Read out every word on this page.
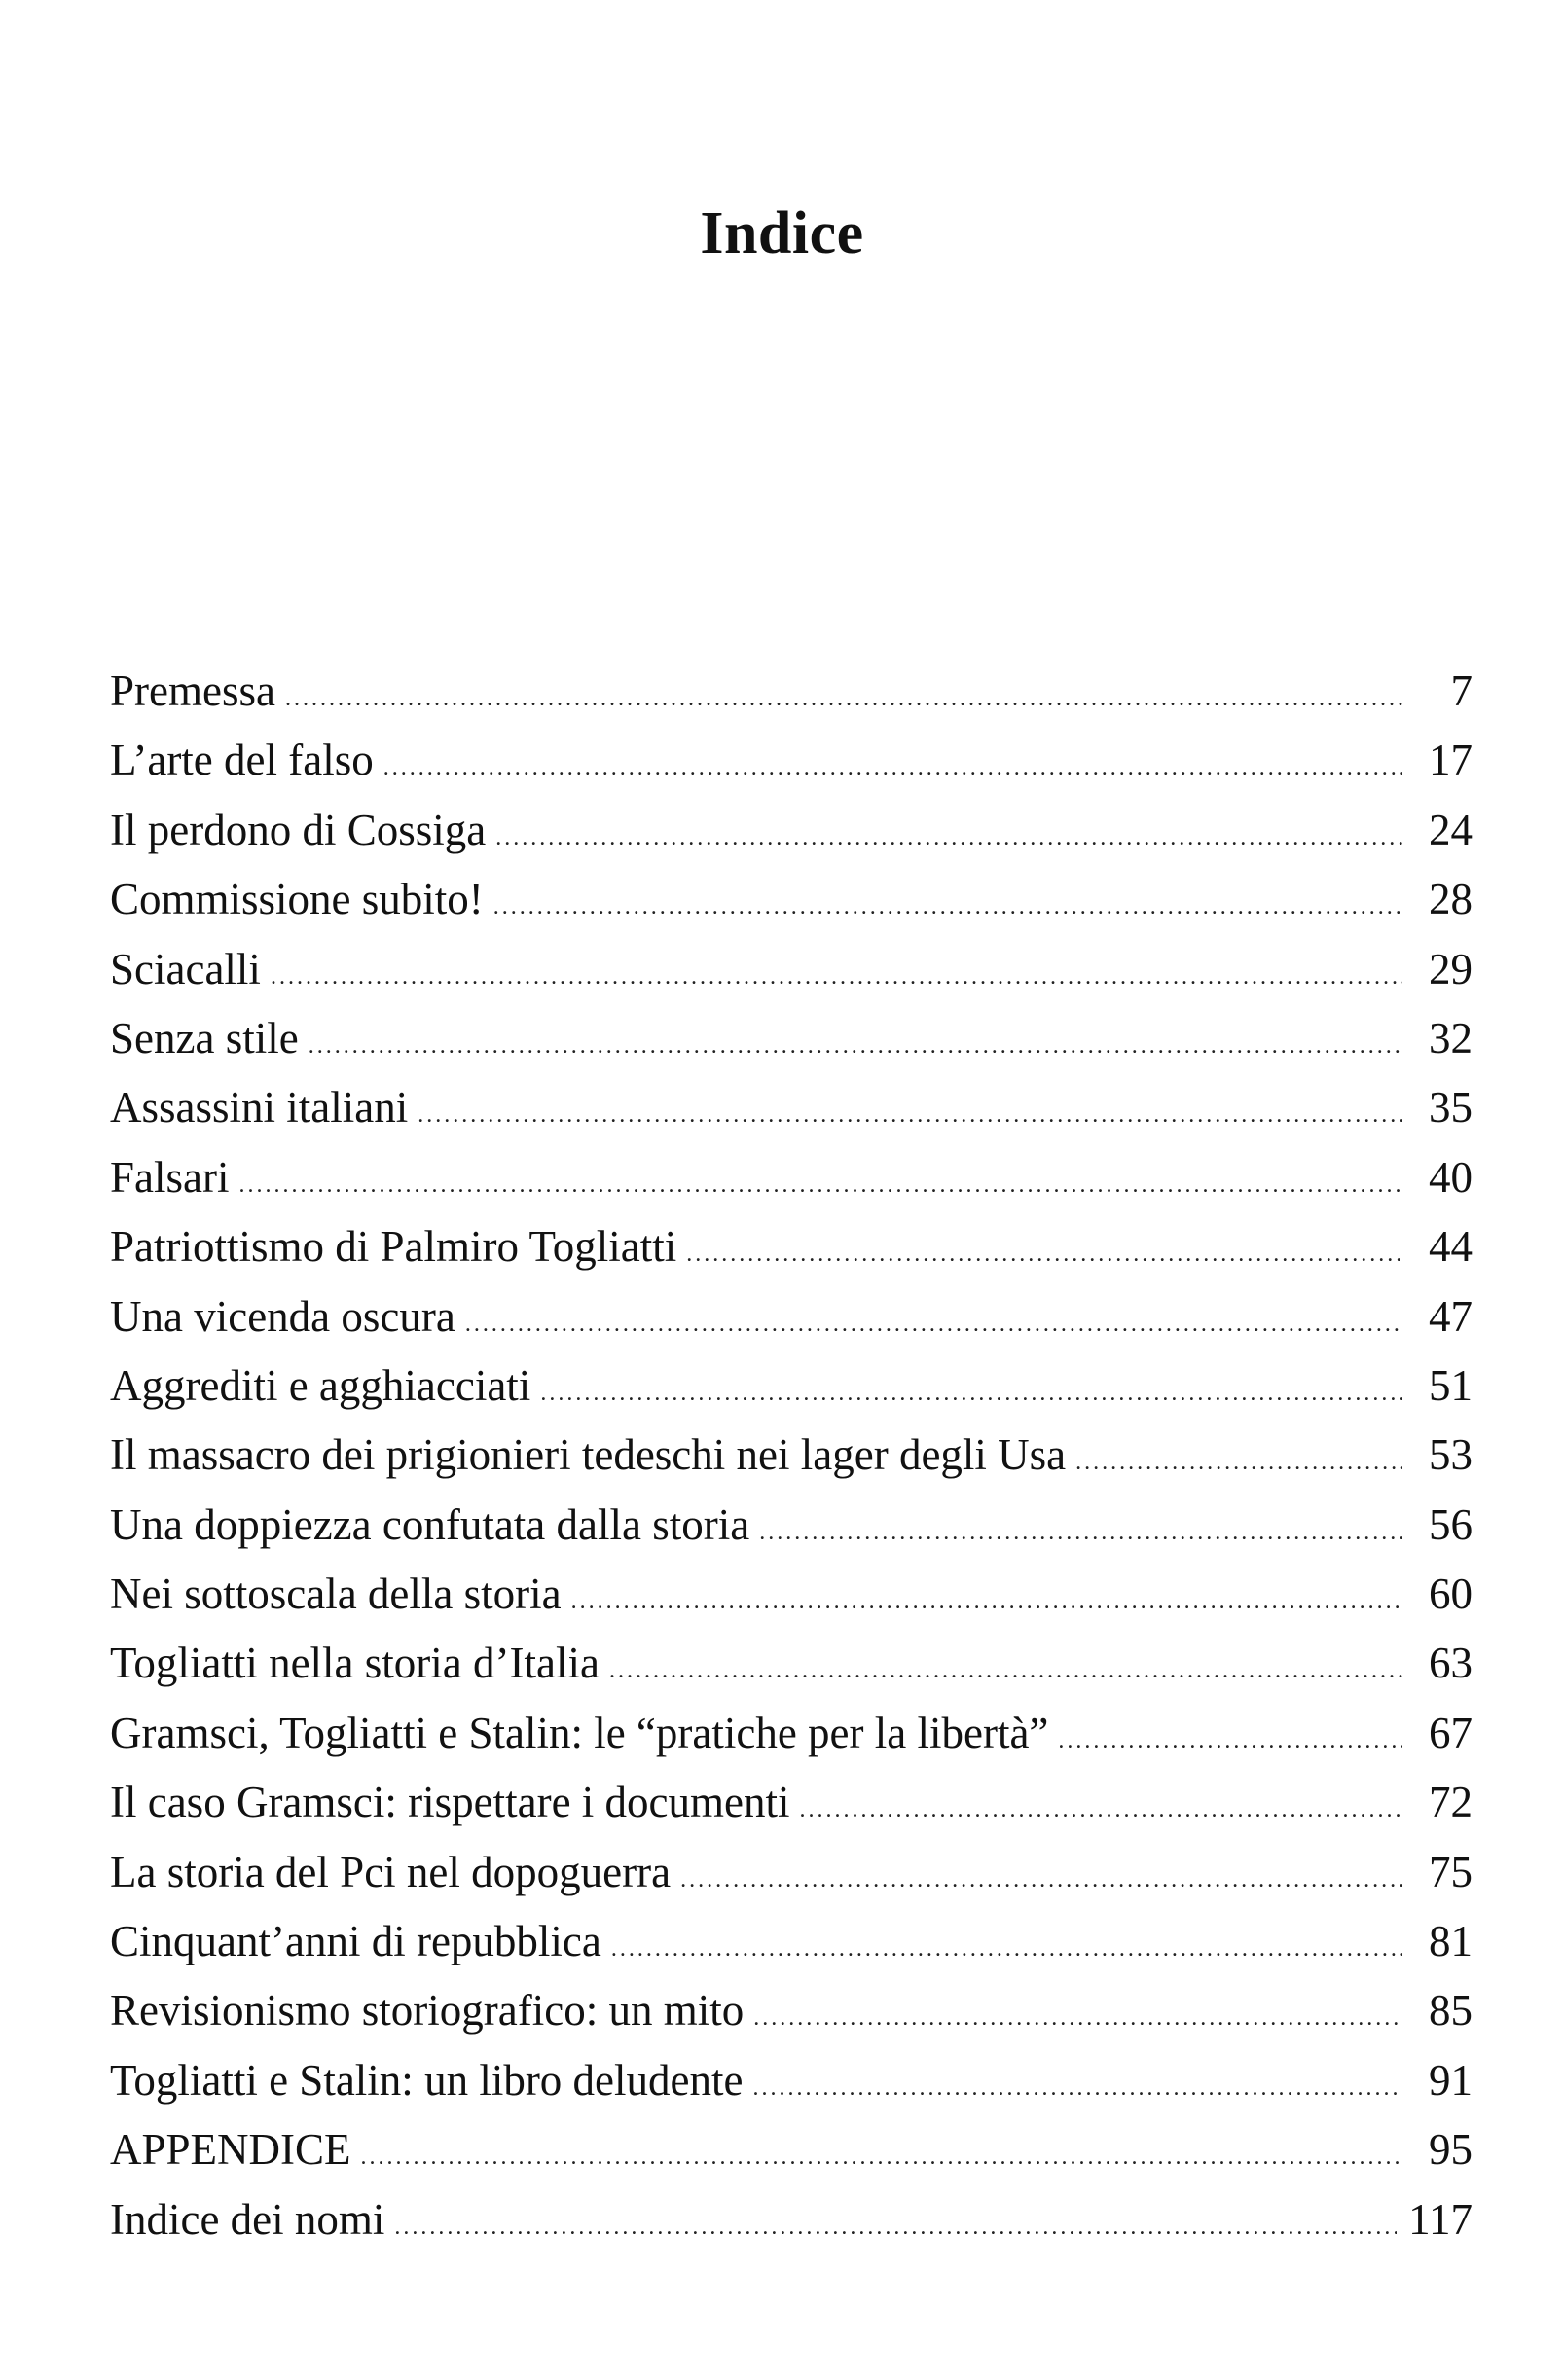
Indice
Premessa .....	7
L’arte del falso .....	17
Il perdono di Cossiga .....	24
Commissione subito! .....	28
Sciacalli .....	29
Senza stile .....	32
Assassini italiani .....	35
Falsari .....	40
Patriottismo di Palmiro Togliatti .....	44
Una vicenda oscura .....	47
Aggrediti e agghiacciati .....	51
Il massacro dei prigionieri tedeschi nei lager degli Usa .....	53
Una doppiezza confutata dalla storia .....	56
Nei sottoscala della storia .....	60
Togliatti nella storia d’Italia .....	63
Gramsci, Togliatti e Stalin: le “pratiche per la libertà” .....	67
Il caso Gramsci: rispettare i documenti .....	72
La storia del Pci nel dopoguerra .....	75
Cinquant’anni di repubblica .....	81
Revisionismo storiografico: un mito .....	85
Togliatti e Stalin: un libro deludente .....	91
APPENDICE .....	95
Indice dei nomi .....	117
